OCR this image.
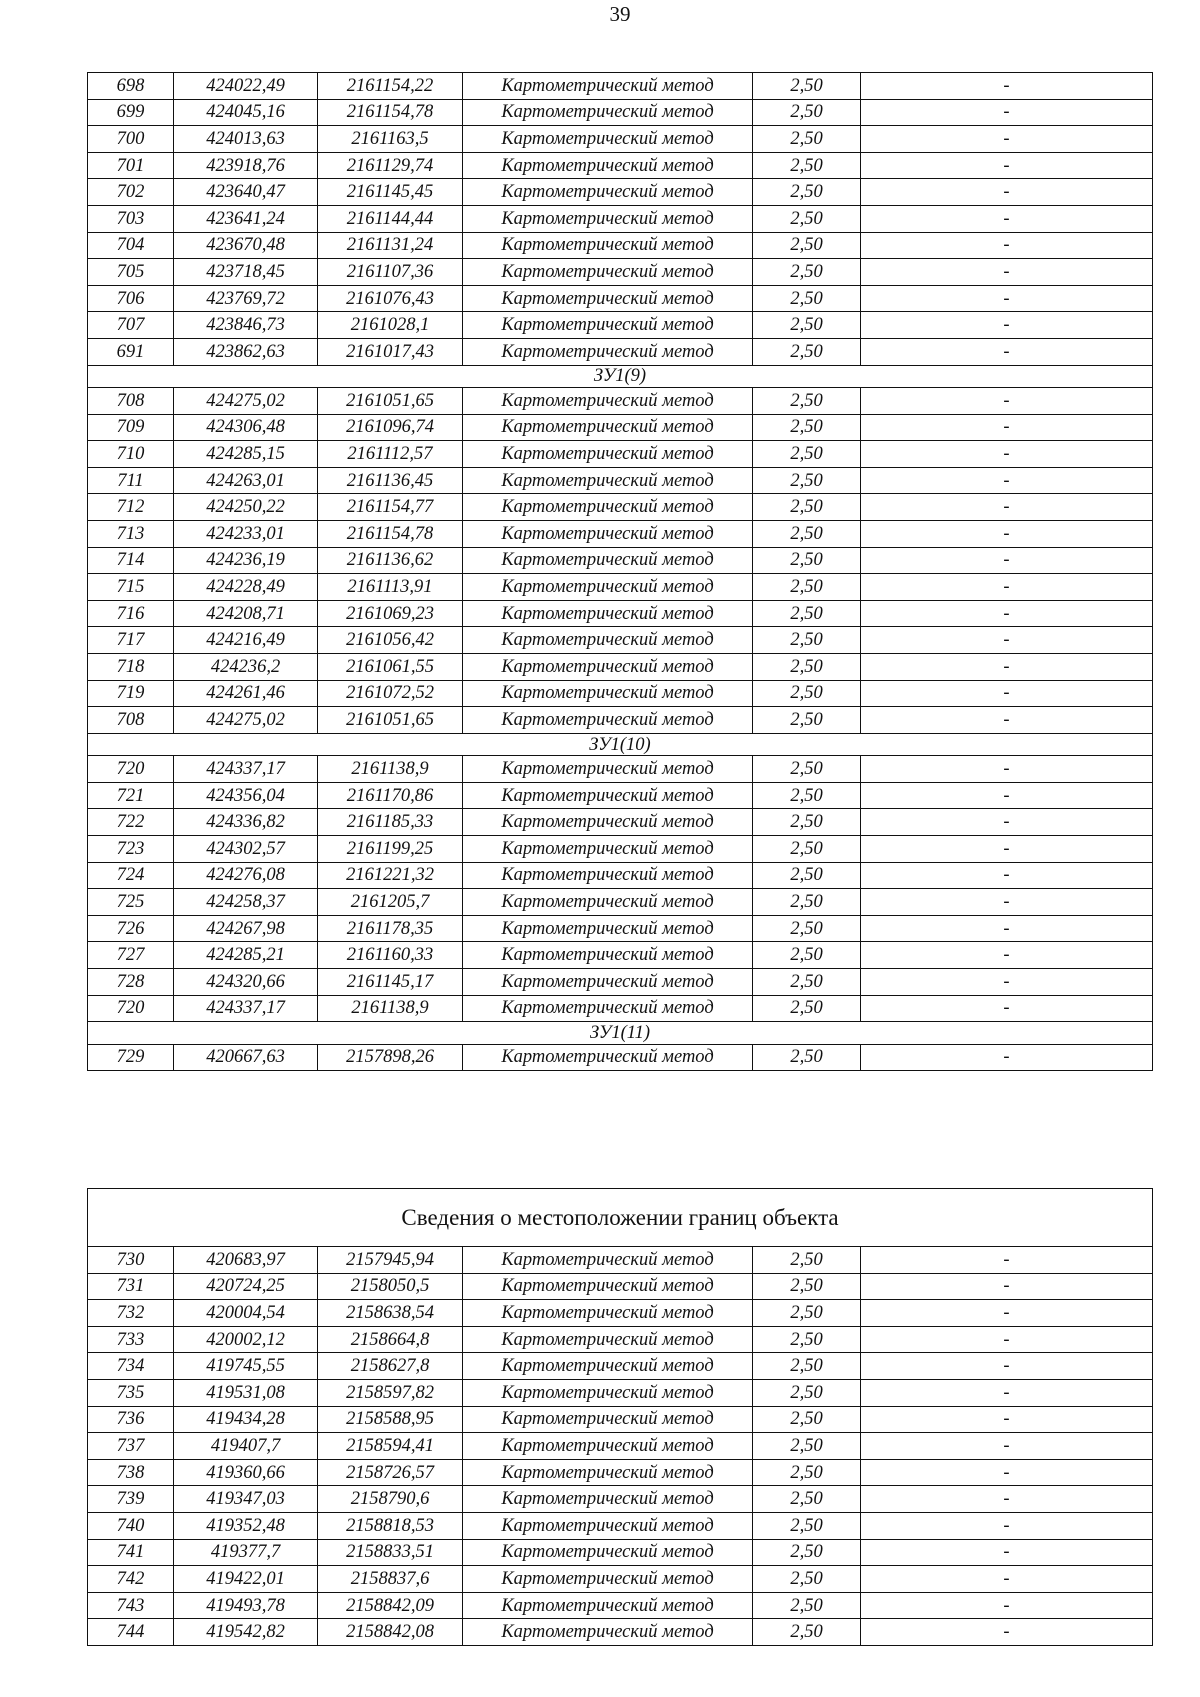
39
698	424022,49	2161154,22	Картометрический метод	2,50	-
699	424045,16	2161154,78	Картометрический метод	2,50	-
700	424013,63	2161163,5	Картометрический метод	2,50	-
701	423918,76	2161129,74	Картометрический метод	2,50	-
702	423640,47	2161145,45	Картометрический метод	2,50	-
703	423641,24	2161144,44	Картометрический метод	2,50	-
704	423670,48	2161131,24	Картометрический метод	2,50	-
705	423718,45	2161107,36	Картометрический метод	2,50	-
706	423769,72	2161076,43	Картометрический метод	2,50	-
707	423846,73	2161028,1	Картометрический метод	2,50	-
691	423862,63	2161017,43	Картометрический метод	2,50	-
ЗУ1(9)					
708	424275,02	2161051,65	Картометрический метод	2,50	-
709	424306,48	2161096,74	Картометрический метод	2,50	-
710	424285,15	2161112,57	Картометрический метод	2,50	-
711	424263,01	2161136,45	Картометрический метод	2,50	-
712	424250,22	2161154,77	Картометрический метод	2,50	-
713	424233,01	2161154,78	Картометрический метод	2,50	-
714	424236,19	2161136,62	Картометрический метод	2,50	-
715	424228,49	2161113,91	Картометрический метод	2,50	-
716	424208,71	2161069,23	Картометрический метод	2,50	-
717	424216,49	2161056,42	Картометрический метод	2,50	-
718	424236,2	2161061,55	Картометрический метод	2,50	-
719	424261,46	2161072,52	Картометрический метод	2,50	-
708	424275,02	2161051,65	Картометрический метод	2,50	-
ЗУ1(10)					
720	424337,17	2161138,9	Картометрический метод	2,50	-
721	424356,04	2161170,86	Картометрический метод	2,50	-
722	424336,82	2161185,33	Картометрический метод	2,50	-
723	424302,57	2161199,25	Картометрический метод	2,50	-
724	424276,08	2161221,32	Картометрический метод	2,50	-
725	424258,37	2161205,7	Картометрический метод	2,50	-
726	424267,98	2161178,35	Картометрический метод	2,50	-
727	424285,21	2161160,33	Картометрический метод	2,50	-
728	424320,66	2161145,17	Картометрический метод	2,50	-
720	424337,17	2161138,9	Картометрический метод	2,50	-
ЗУ1(11)					
729	420667,63	2157898,26	Картометрический метод	2,50	-
Сведения о местоположении границ объекта					
730	420683,97	2157945,94	Картометрический метод	2,50	-
731	420724,25	2158050,5	Картометрический метод	2,50	-
732	420004,54	2158638,54	Картометрический метод	2,50	-
733	420002,12	2158664,8	Картометрический метод	2,50	-
734	419745,55	2158627,8	Картометрический метод	2,50	-
735	419531,08	2158597,82	Картометрический метод	2,50	-
736	419434,28	2158588,95	Картометрический метод	2,50	-
737	419407,7	2158594,41	Картометрический метод	2,50	-
738	419360,66	2158726,57	Картометрический метод	2,50	-
739	419347,03	2158790,6	Картометрический метод	2,50	-
740	419352,48	2158818,53	Картометрический метод	2,50	-
741	419377,7	2158833,51	Картометрический метод	2,50	-
742	419422,01	2158837,6	Картометрический метод	2,50	-
743	419493,78	2158842,09	Картометрический метод	2,50	-
744	419542,82	2158842,08	Картометрический метод	2,50	-
